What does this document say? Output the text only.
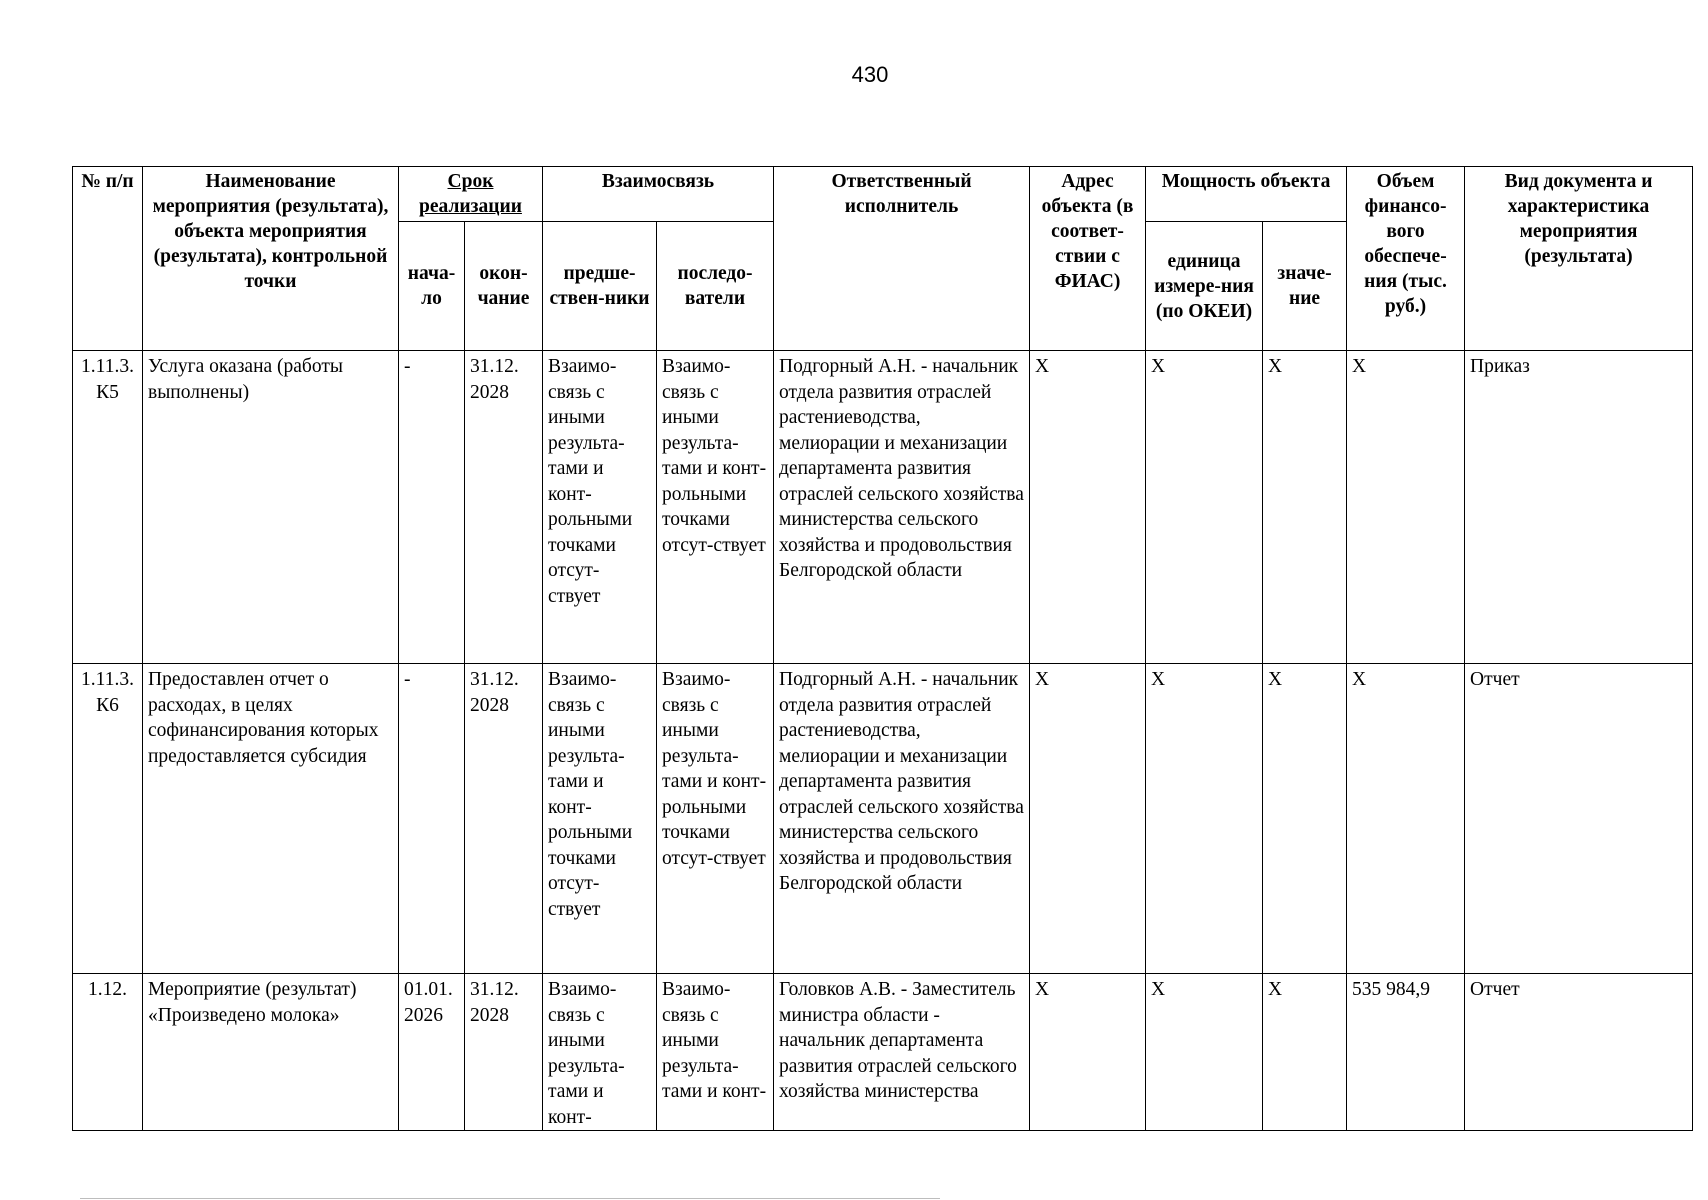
430
№ п/п	Наименование мероприятия (результата), объекта мероприятия (результата), контрольной точки	Срок реализации		Взаимосвязь		Ответственный исполнитель	Адрес объекта (в соответ-ствии с ФИАС)	Мощность объекта		Объем финансо-вого обеспече-ния (тыс. руб.)	Вид документа и характеристика мероприятия (результата)
		нача-ло	окон-чание	предше-ствен-ники	последо-ватели			единица измере-ния (по ОКЕИ)	значе-ние		
1.11.3. К5	Услуга оказана (работы выполнены)	-	31.12. 2028	Взаимо-связь с иными результа-тами и конт-рольными точками отсут-ствует	Взаимо-связь с иными результа-тами и конт-рольными точками отсут-ствует	Подгорный А.Н. - начальник отдела развития отраслей растениеводства, мелиорации и механизации департамента развития отраслей сельского хозяйства министерства сельского хозяйства и продовольствия Белгородской области	X	X	X	X	Приказ
1.11.3. К6	Предоставлен отчет о расходах, в целях софинансирования которых предоставляется субсидия	-	31.12. 2028	Взаимо-связь с иными результа-тами и конт-рольными точками отсут-ствует	Взаимо-связь с иными результа-тами и конт-рольными точками отсут-ствует	Подгорный А.Н. - начальник отдела развития отраслей растениеводства, мелиорации и механизации департамента развития отраслей сельского хозяйства министерства сельского хозяйства и продовольствия Белгородской области	X	X	X	X	Отчет
1.12.	Мероприятие (результат) «Произведено молока»	01.01. 2026	31.12. 2028	Взаимо-связь с иными результа-тами и конт-	Взаимо-связь с иными результа-тами и конт-	Головков А.В. - Заместитель министра области - начальник департамента развития отраслей сельского хозяйства министерства	X	X	X	535 984,9	Отчет
